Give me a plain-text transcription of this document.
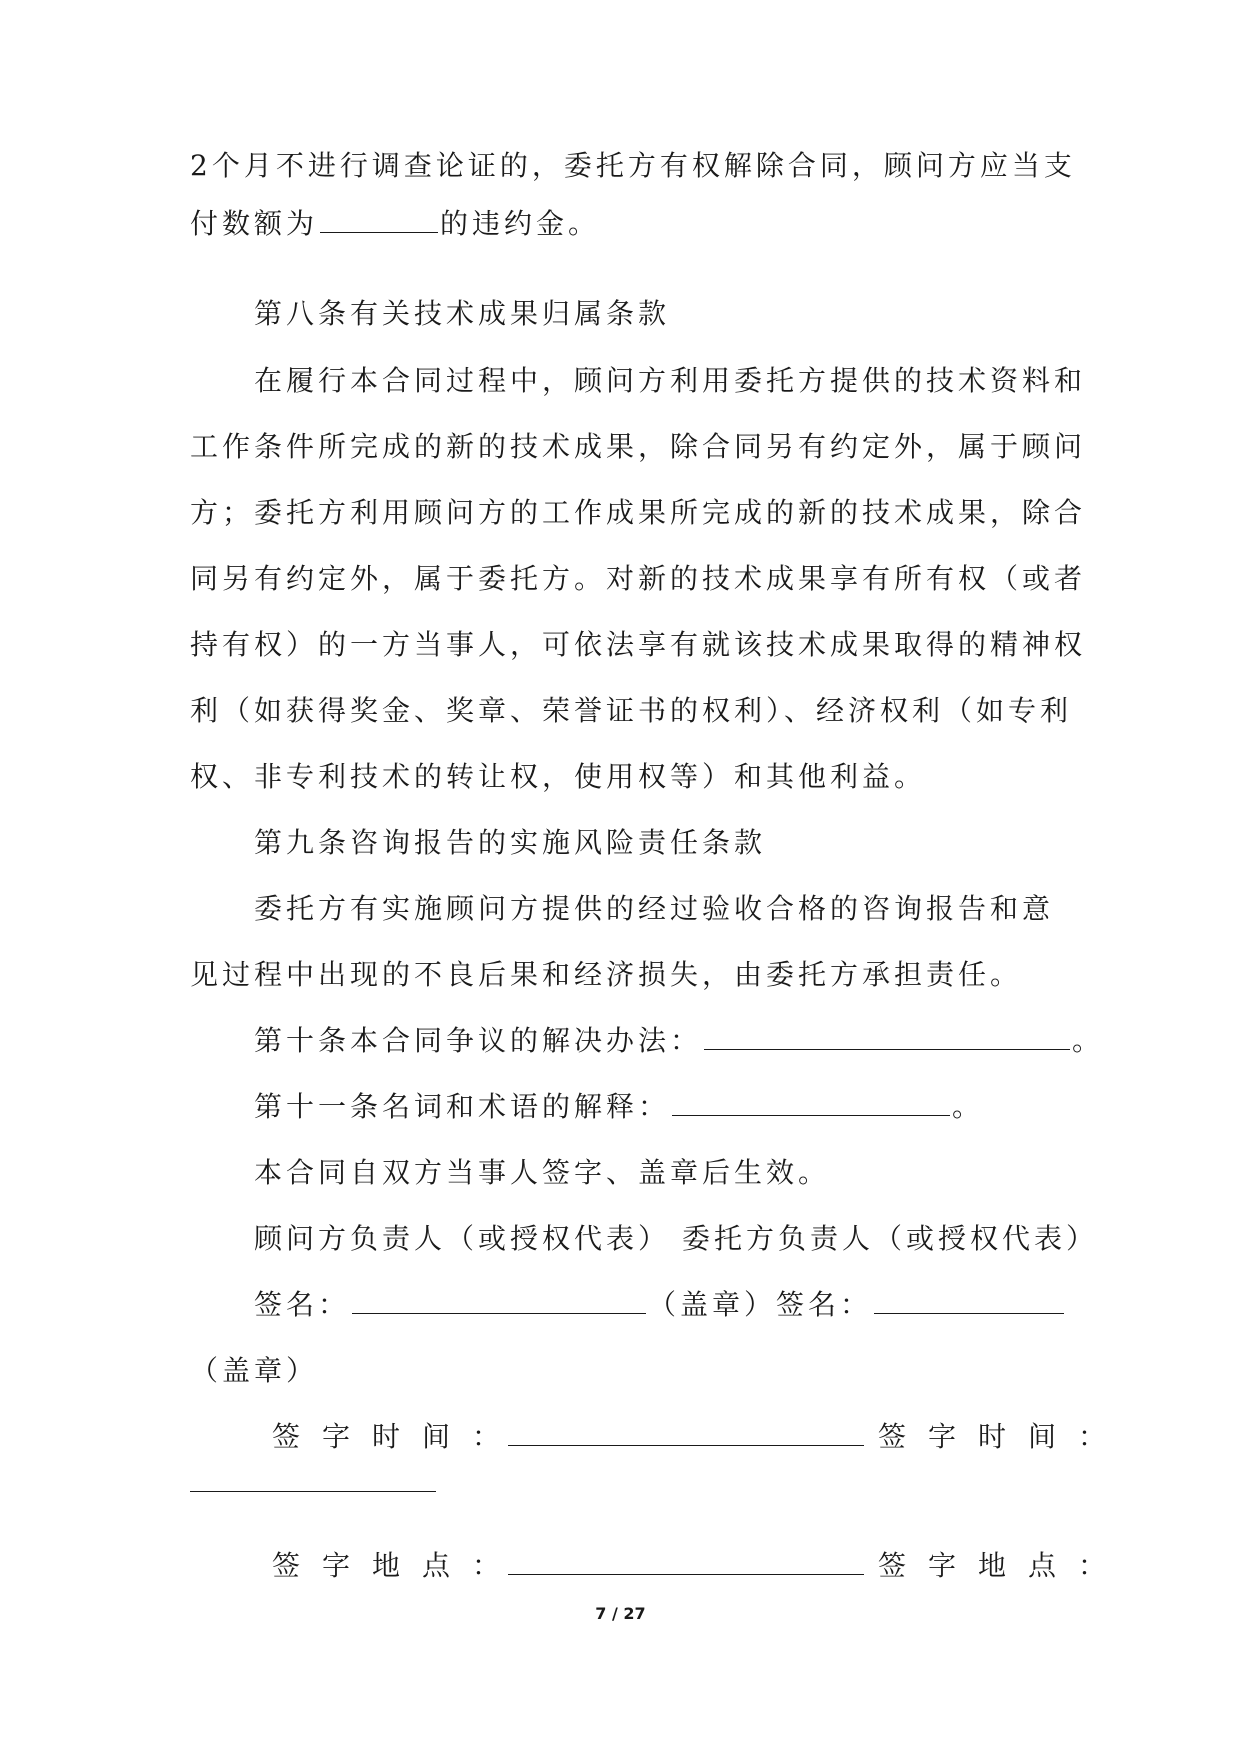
2个月不进行调查论证的，委托方有权解除合同，顾问方应当支
付数额为	的违约金。
第八条有关技术成果归属条款
在履行本合同过程中，顾问方利用委托方提供的技术资料和
工作条件所完成的新的技术成果，除合同另有约定外，属于顾问
方；委托方利用顾问方的工作成果所完成的新的技术成果，除合
同另有约定外，属于委托方。对新的技术成果享有所有权（或者
持有权）的一方当事人，可依法享有就该技术成果取得的精神权
利（如获得奖金、奖章、荣誉证书的权利）、经济权利（如专利
权、非专利技术的转让权，使用权等）和其他利益。
第九条咨询报告的实施风险责任条款
委托方有实施顾问方提供的经过验收合格的咨询报告和意
见过程中出现的不良后果和经济损失，由委托方承担责任。
第十条本合同争议的解决办法：	。
第十一条名词和术语的解释：	。
本合同自双方当事人签字、盖章后生效。
顾问方负责人（或授权代表） 委托方负责人（或授权代表）
签名：	（盖章）签名：
（盖章）
签字时间：	签字时间：
签字地点：	签字地点：
7 / 27
